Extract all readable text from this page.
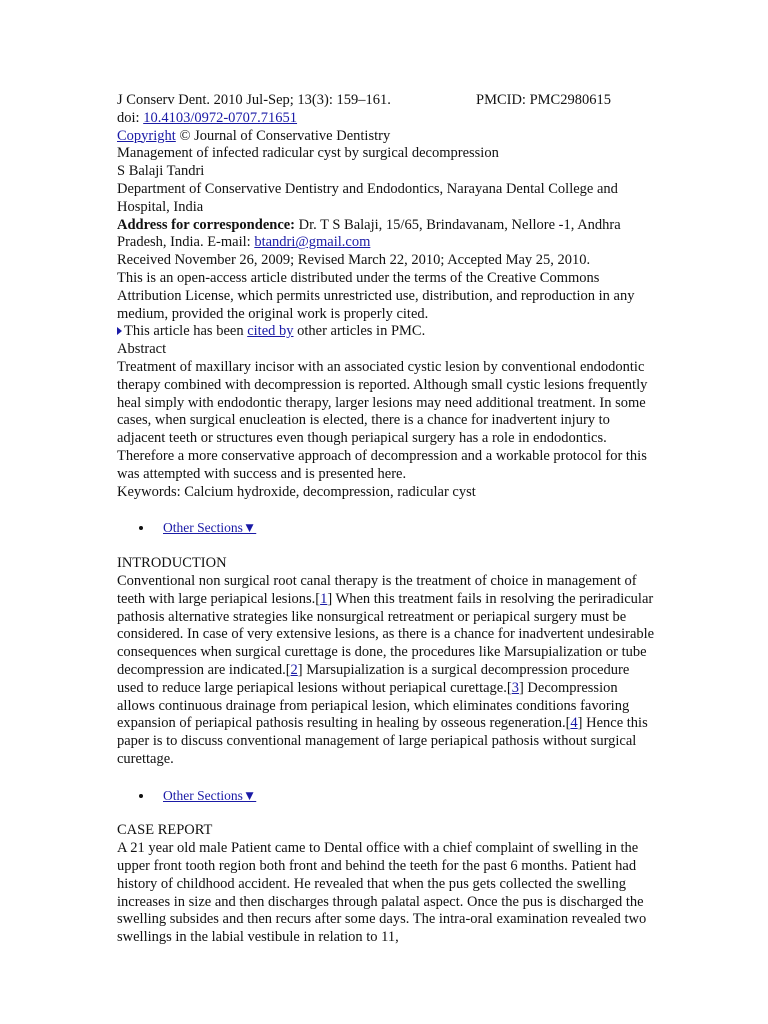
J Conserv Dent. 2010 Jul-Sep; 13(3): 159–161.	PMCID: PMC2980615
doi: 10.4103/0972-0707.71651
Copyright © Journal of Conservative Dentistry
Management of infected radicular cyst by surgical decompression
S Balaji Tandri
Department of Conservative Dentistry and Endodontics, Narayana Dental College and Hospital, India
Address for correspondence: Dr. T S Balaji, 15/65, Brindavanam, Nellore -1, Andhra Pradesh, India. E-mail: btandri@gmail.com
Received November 26, 2009; Revised March 22, 2010; Accepted May 25, 2010.
This is an open-access article distributed under the terms of the Creative Commons Attribution License, which permits unrestricted use, distribution, and reproduction in any medium, provided the original work is properly cited.
This article has been cited by other articles in PMC.
Abstract
Treatment of maxillary incisor with an associated cystic lesion by conventional endodontic therapy combined with decompression is reported. Although small cystic lesions frequently heal simply with endodontic therapy, larger lesions may need additional treatment. In some cases, when surgical enucleation is elected, there is a chance for inadvertent injury to adjacent teeth or structures even though periapical surgery has a role in endodontics. Therefore a more conservative approach of decompression and a workable protocol for this was attempted with success and is presented here.
Keywords: Calcium hydroxide, decompression, radicular cyst
Other Sections▼
INTRODUCTION
Conventional non surgical root canal therapy is the treatment of choice in management of teeth with large periapical lesions.[1] When this treatment fails in resolving the periradicular pathosis alternative strategies like nonsurgical retreatment or periapical surgery must be considered. In case of very extensive lesions, as there is a chance for inadvertent undesirable consequences when surgical curettage is done, the procedures like Marsupialization or tube decompression are indicated.[2] Marsupialization is a surgical decompression procedure used to reduce large periapical lesions without periapical curettage.[3] Decompression allows continuous drainage from periapical lesion, which eliminates conditions favoring expansion of periapical pathosis resulting in healing by osseous regeneration.[4] Hence this paper is to discuss conventional management of large periapical pathosis without surgical curettage.
Other Sections▼
CASE REPORT
A 21 year old male Patient came to Dental office with a chief complaint of swelling in the upper front tooth region both front and behind the teeth for the past 6 months. Patient had history of childhood accident. He revealed that when the pus gets collected the swelling increases in size and then discharges through palatal aspect. Once the pus is discharged the swelling subsides and then recurs after some days. The intra-oral examination revealed two swellings in the labial vestibule in relation to 11,
